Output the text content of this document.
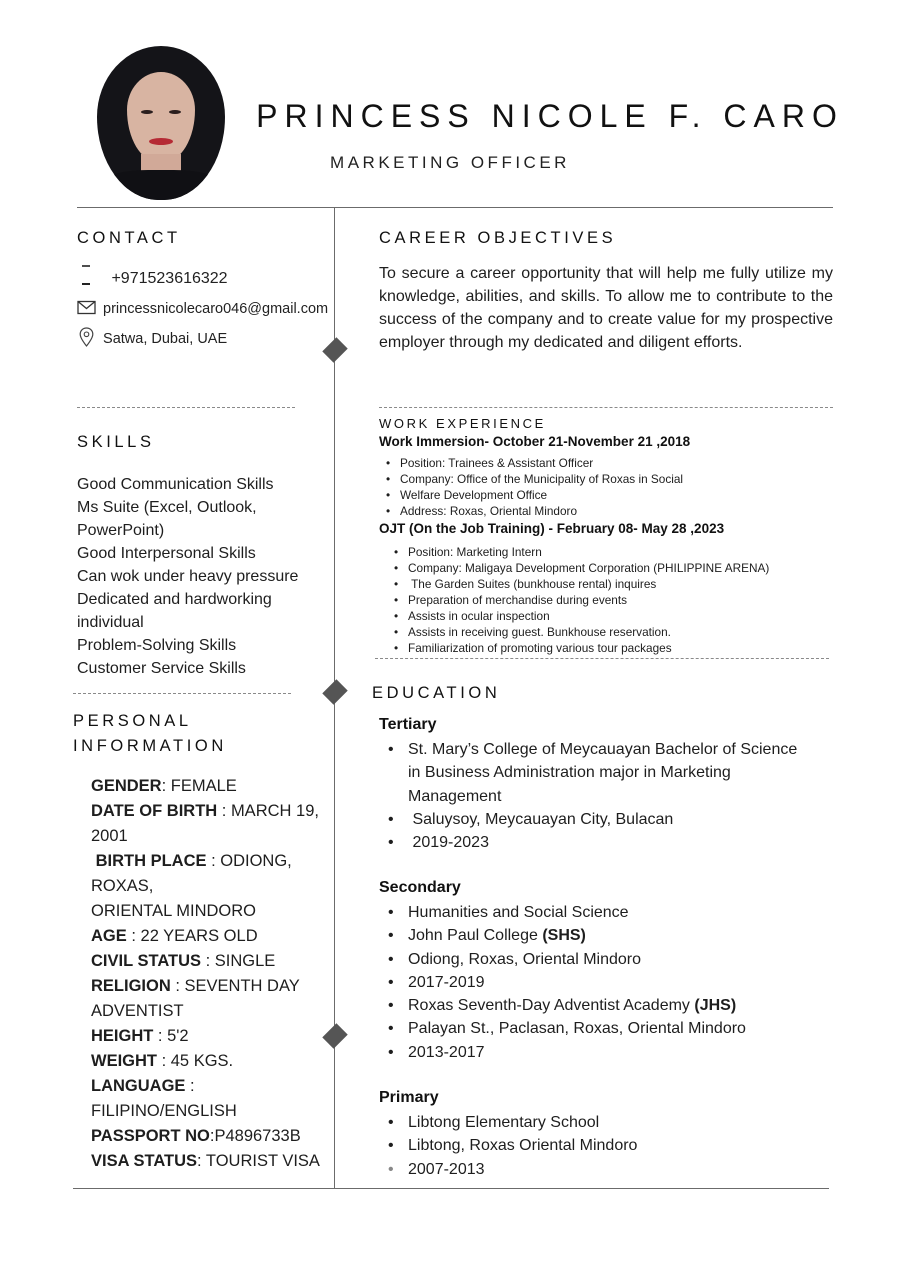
PRINCESS NICOLE F. CARO
MARKETING OFFICER
CONTACT
+971523616322
princessnicolecaro046@gmail.com
Satwa, Dubai, UAE
SKILLS
Good Communication Skills
Ms Suite (Excel, Outlook,
PowerPoint)
Good Interpersonal Skills
Can wok under heavy pressure
Dedicated and hardworking
individual
Problem-Solving Skills
Customer Service Skills
PERSONAL
INFORMATION
GENDER: FEMALE
DATE OF BIRTH : MARCH 19,
2001
BIRTH PLACE : ODIONG,
ROXAS,
ORIENTAL MINDORO
AGE : 22 YEARS OLD
CIVIL STATUS : SINGLE
RELIGION : SEVENTH DAY
ADVENTIST
HEIGHT : 5'2
WEIGHT : 45 KGS.
LANGUAGE :
FILIPINO/ENGLISH
PASSPORT NO:P4896733B
VISA STATUS: TOURIST VISA
CAREER OBJECTIVES
To secure a career opportunity that will help me fully utilize my knowledge, abilities, and skills. To allow me to contribute to the success of the company and to create value for my prospective employer through my dedicated and diligent efforts.
WORK EXPERIENCE
Work Immersion- October 21-November 21 ,2018
• Position: Trainees & Assistant Officer
• Company: Office of the Municipality of Roxas in Social
• Welfare Development Office
• Address: Roxas, Oriental Mindoro
OJT (On the Job Training) - February 08- May 28 ,2023
• Position: Marketing Intern
• Company: Maligaya Development Corporation (PHILIPPINE ARENA)
•  The Garden Suites (bunkhouse rental) inquires
• Preparation of merchandise during events
• Assists in ocular inspection
• Assists in receiving guest. Bunkhouse reservation.
• Familiarization of promoting various tour packages
EDUCATION
Tertiary
• St. Mary’s College of Meycauayan Bachelor of Science
in Business Administration major in Marketing
Management
•  Saluysoy, Meycauayan City, Bulacan
•  2019-2023
Secondary
• Humanities and Social Science
• John Paul College (SHS)
• Odiong, Roxas, Oriental Mindoro
• 2017-2019
• Roxas Seventh-Day Adventist Academy (JHS)
• Palayan St., Paclasan, Roxas, Oriental Mindoro
• 2013-2017
Primary
• Libtong Elementary School
• Libtong, Roxas Oriental Mindoro
• 2007-2013
